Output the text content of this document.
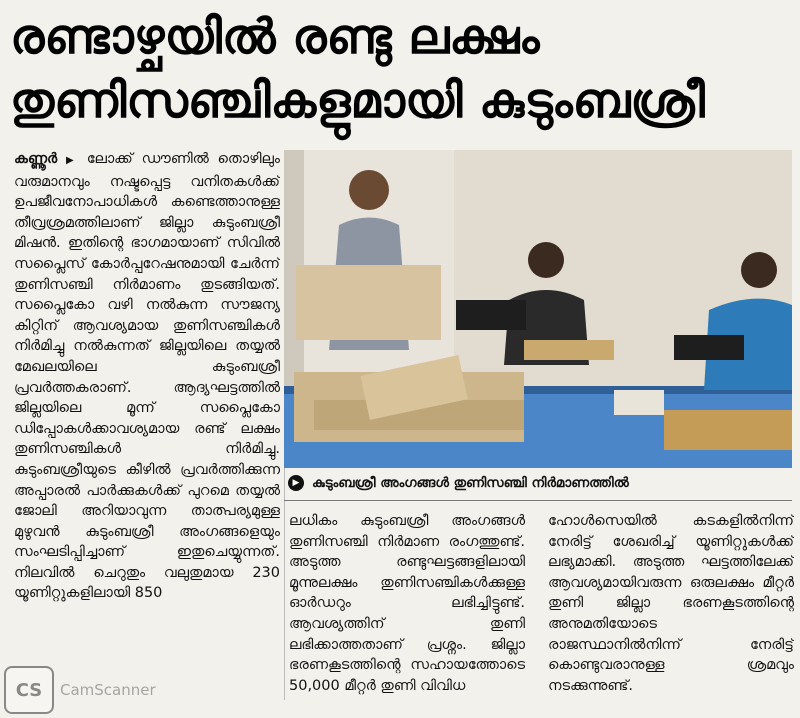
രണ്ടാഴ്ചയിൽ രണ്ടു ലക്ഷം
തുണിസഞ്ചികളുമായി കുടുംബശ്രീ

കണ്ണൂർ ▶ ലോക്ക് ഡൗണിൽ തൊഴിലും വരുമാനവും നഷ്ടപ്പെട്ട വനിതകൾക്ക് ഉപജീവനോപാധികൾ കണ്ടെത്താനുള്ള തീവ്രശ്രമത്തിലാണ് ജില്ലാ കുടുംബശ്രീ മിഷൻ. ഇതിന്റെ ഭാഗമായാണ് സിവിൽ സപ്ലൈസ് കോർപ്പറേഷനുമായി ചേർന്ന് തുണിസഞ്ചി നിർമാണം തുടങ്ങിയത്. സപ്ലൈകോ വഴി നൽകുന്ന സൗജന്യ കിറ്റിന് ആവശ്യമായ തുണിസഞ്ചികൾ നിർമിച്ചു നൽകുന്നത് ജില്ലയിലെ തയ്യൽ മേഖലയിലെ കുടുംബശ്രീ പ്രവർത്തകരാണ്. ആദ്യഘട്ടത്തിൽ ജില്ലയിലെ മൂന്ന് സപ്ലൈകോ ഡിപ്പോകൾക്കാവശ്യമായ രണ്ട് ലക്ഷം തുണിസഞ്ചികൾ നിർമിച്ചു. കുടുംബശ്രീയുടെ കീഴിൽ പ്രവർത്തിക്കുന്ന അപ്പാരൽ പാർക്കുകൾക്ക് പുറമെ തയ്യൽ ജോലി അറിയാവുന്ന താത്പര്യമുള്ള മുഴുവൻ കുടുംബശ്രീ അംഗങ്ങളെയും സംഘടിപ്പിച്ചാണ് ഇതുചെയ്യുന്നത്. നിലവിൽ ചെറുതും വലുതുമായ 230 യൂണിറ്റുകളിലായി 850

▶ കുടുംബശ്രീ അംഗങ്ങൾ തുണിസഞ്ചി നിർമാണത്തിൽ

ലധികം കുടുംബശ്രീ അംഗങ്ങൾ തുണിസഞ്ചി നിർമാണ രംഗത്തുണ്ട്. അടുത്ത രണ്ടുഘട്ടങ്ങളിലായി മൂന്നുലക്ഷം തുണിസഞ്ചികൾക്കുള്ള ഓർഡറും ലഭിച്ചിട്ടുണ്ട്. ആവശ്യത്തിന് തുണി ലഭിക്കാത്തതാണ് പ്രശ്നം. ജില്ലാ ഭരണകൂടത്തിന്റെ സഹായത്തോടെ 50,000 മീറ്റർ തുണി വിവിധ

ഹോൾസെയിൽ കടകളിൽനിന്ന് നേരിട്ട് ശേഖരിച്ച് യൂണിറ്റുകൾക്ക് ലഭ്യമാക്കി. അടുത്ത ഘട്ടത്തിലേക്ക് ആവശ്യമായിവരുന്ന ഒരുലക്ഷം മീറ്റർ തുണി ജില്ലാ ഭരണകൂടത്തിന്റെ അനുമതിയോടെ രാജസ്ഥാനിൽനിന്ന് നേരിട്ട് കൊണ്ടുവരാനുള്ള ശ്രമവും നടക്കുന്നുണ്ട്.

CS	CamScanner
